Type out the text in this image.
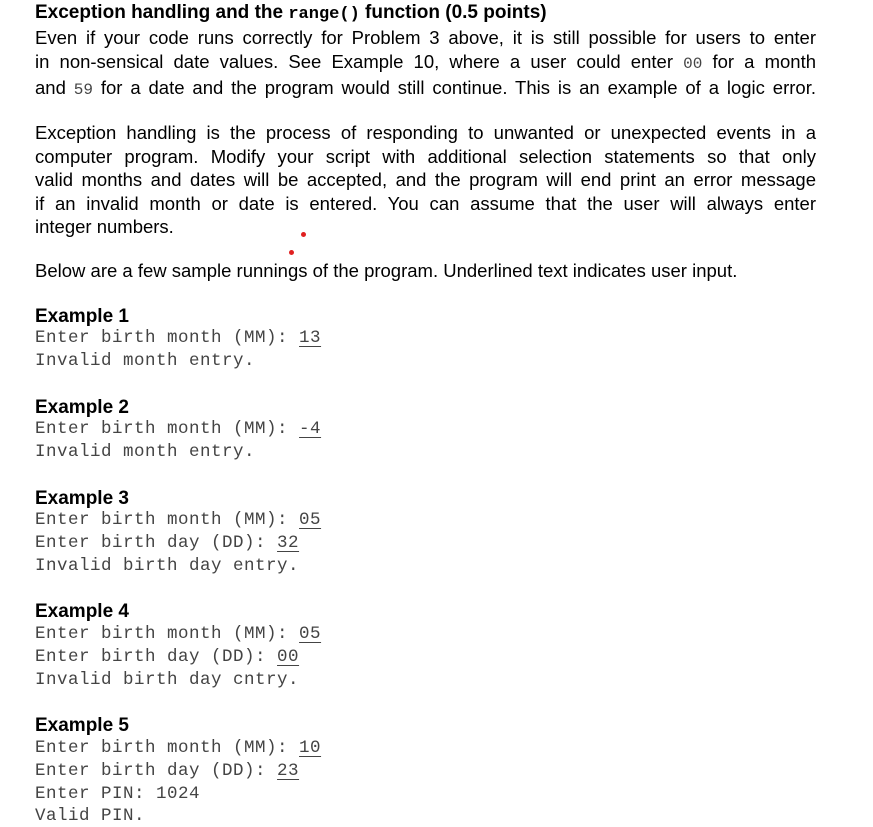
Exception handling and the range() function (0.5 points)
Even if your code runs correctly for Problem 3 above, it is still possible for users to enter
in non-sensical date values. See Example 10, where a user could enter 00 for a month
and 59 for a date and the program would still continue. This is an example of a logic error.
Exception handling is the process of responding to unwanted or unexpected events in a
computer program. Modify your script with additional selection statements so that only
valid months and dates will be accepted, and the program will end print an error message
if an invalid month or date is entered. You can assume that the user will always enter
integer numbers.
Below are a few sample runnings of the program. Underlined text indicates user input.
Example 1
Enter birth month (MM): 13
Invalid month entry.
Example 2
Enter birth month (MM): -4
Invalid month entry.
Example 3
Enter birth month (MM): 05
Enter birth day (DD): 32
Invalid birth day entry.
Example 4
Enter birth month (MM): 05
Enter birth day (DD): 00
Invalid birth day cntry.
Example 5
Enter birth month (MM): 10
Enter birth day (DD): 23
Enter PIN: 1024
Valid PIN.
